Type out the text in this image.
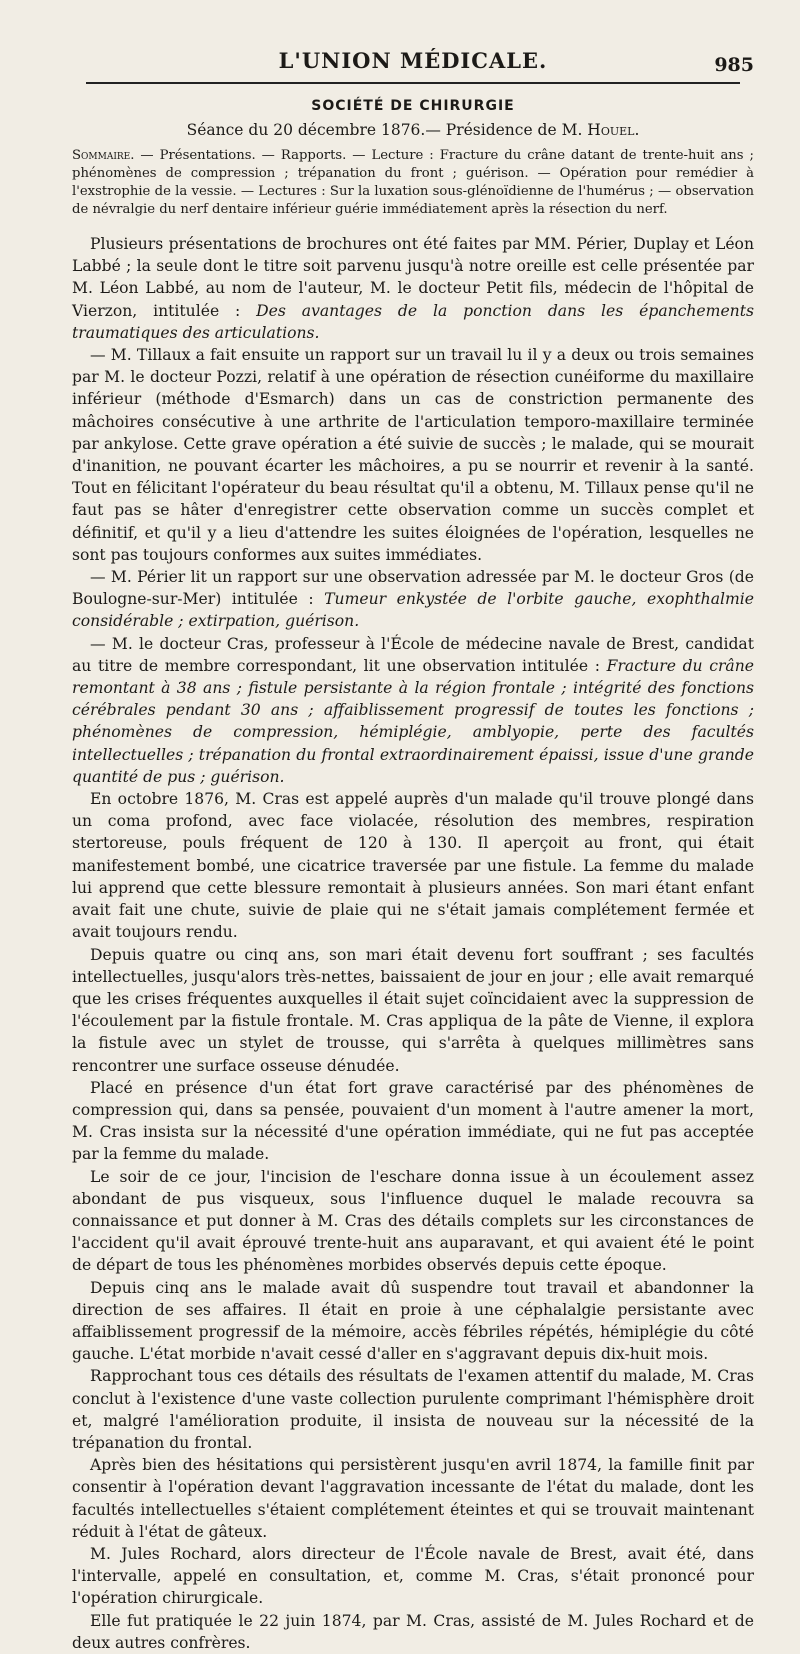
L'UNION MÉDICALE.	985
SOCIÉTÉ DE CHIRURGIE
Séance du 20 décembre 1876.— Présidence de M. Houel.
Sommaire. — Présentations. — Rapports. — Lecture : Fracture du crâne datant de trente-huit ans ; phénomènes de compression ; trépanation du front ; guérison. — Opération pour remédier à l'exstrophie de la vessie. — Lectures : Sur la luxation sous-glénoïdienne de l'humérus ; — observation de névralgie du nerf dentaire inférieur guérie immédiatement après la résection du nerf.

Plusieurs présentations de brochures ont été faites par MM. Périer, Duplay et Léon Labbé ; la seule dont le titre soit parvenu jusqu'à notre oreille est celle présentée par M. Léon Labbé, au nom de l'auteur, M. le docteur Petit fils, médecin de l'hôpital de Vierzon, intitulée : Des avantages de la ponction dans les épanchements traumatiques des articulations.

— M. Tillaux a fait ensuite un rapport sur un travail lu il y a deux ou trois semaines par M. le docteur Pozzi, relatif à une opération de résection cunéiforme du maxillaire inférieur (méthode d'Esmarch) dans un cas de constriction permanente des mâchoires consécutive à une arthrite de l'articulation temporo-maxillaire terminée par ankylose. Cette grave opération a été suivie de succès ; le malade, qui se mourait d'inanition, ne pouvant écarter les mâchoires, a pu se nourrir et revenir à la santé. Tout en félicitant l'opérateur du beau résultat qu'il a obtenu, M. Tillaux pense qu'il ne faut pas se hâter d'enregistrer cette observation comme un succès complet et définitif, et qu'il y a lieu d'attendre les suites éloignées de l'opération, lesquelles ne sont pas toujours conformes aux suites immédiates.

— M. Périer lit un rapport sur une observation adressée par M. le docteur Gros (de Boulogne-sur-Mer) intitulée : Tumeur enkystée de l'orbite gauche, exophthalmie considérable ; extirpation, guérison.

— M. le docteur Cras, professeur à l'École de médecine navale de Brest, candidat au titre de membre correspondant, lit une observation intitulée : Fracture du crâne remontant à 38 ans ; fistule persistante à la région frontale ; intégrité des fonctions cérébrales pendant 30 ans ; affaiblissement progressif de toutes les fonctions ; phénomènes de compression, hémiplégie, amblyopie, perte des facultés intellectuelles ; trépanation du frontal extraordinairement épaissi, issue d'une grande quantité de pus ; guérison.

En octobre 1876, M. Cras est appelé auprès d'un malade qu'il trouve plongé dans un coma profond, avec face violacée, résolution des membres, respiration stertoreuse, pouls fréquent de 120 à 130. Il aperçoit au front, qui était manifestement bombé, une cicatrice traversée par une fistule. La femme du malade lui apprend que cette blessure remontait à plusieurs années. Son mari étant enfant avait fait une chute, suivie de plaie qui ne s'était jamais complétement fermée et avait toujours rendu.

Depuis quatre ou cinq ans, son mari était devenu fort souffrant ; ses facultés intellectuelles, jusqu'alors très-nettes, baissaient de jour en jour ; elle avait remarqué que les crises fréquentes auxquelles il était sujet coïncidaient avec la suppression de l'écoulement par la fistule frontale. M. Cras appliqua de la pâte de Vienne, il explora la fistule avec un stylet de trousse, qui s'arrêta à quelques millimètres sans rencontrer une surface osseuse dénudée.

Placé en présence d'un état fort grave caractérisé par des phénomènes de compression qui, dans sa pensée, pouvaient d'un moment à l'autre amener la mort, M. Cras insista sur la nécessité d'une opération immédiate, qui ne fut pas acceptée par la femme du malade.

Le soir de ce jour, l'incision de l'eschare donna issue à un écoulement assez abondant de pus visqueux, sous l'influence duquel le malade recouvra sa connaissance et put donner à M. Cras des détails complets sur les circonstances de l'accident qu'il avait éprouvé trente-huit ans auparavant, et qui avaient été le point de départ de tous les phénomènes morbides observés depuis cette époque.

Depuis cinq ans le malade avait dû suspendre tout travail et abandonner la direction de ses affaires. Il était en proie à une céphalalgie persistante avec affaiblissement progressif de la mémoire, accès fébriles répétés, hémiplégie du côté gauche. L'état morbide n'avait cessé d'aller en s'aggravant depuis dix-huit mois.

Rapprochant tous ces détails des résultats de l'examen attentif du malade, M. Cras conclut à l'existence d'une vaste collection purulente comprimant l'hémisphère droit et, malgré l'amélioration produite, il insista de nouveau sur la nécessité de la trépanation du frontal.

Après bien des hésitations qui persistèrent jusqu'en avril 1874, la famille finit par consentir à l'opération devant l'aggravation incessante de l'état du malade, dont les facultés intellectuelles s'étaient complétement éteintes et qui se trouvait maintenant réduit à l'état de gâteux.

M. Jules Rochard, alors directeur de l'École navale de Brest, avait été, dans l'intervalle, appelé en consultation, et, comme M. Cras, s'était prononcé pour l'opération chirurgicale.

Elle fut pratiquée le 22 juin 1874, par M. Cras, assisté de M. Jules Rochard et de deux autres confrères.
